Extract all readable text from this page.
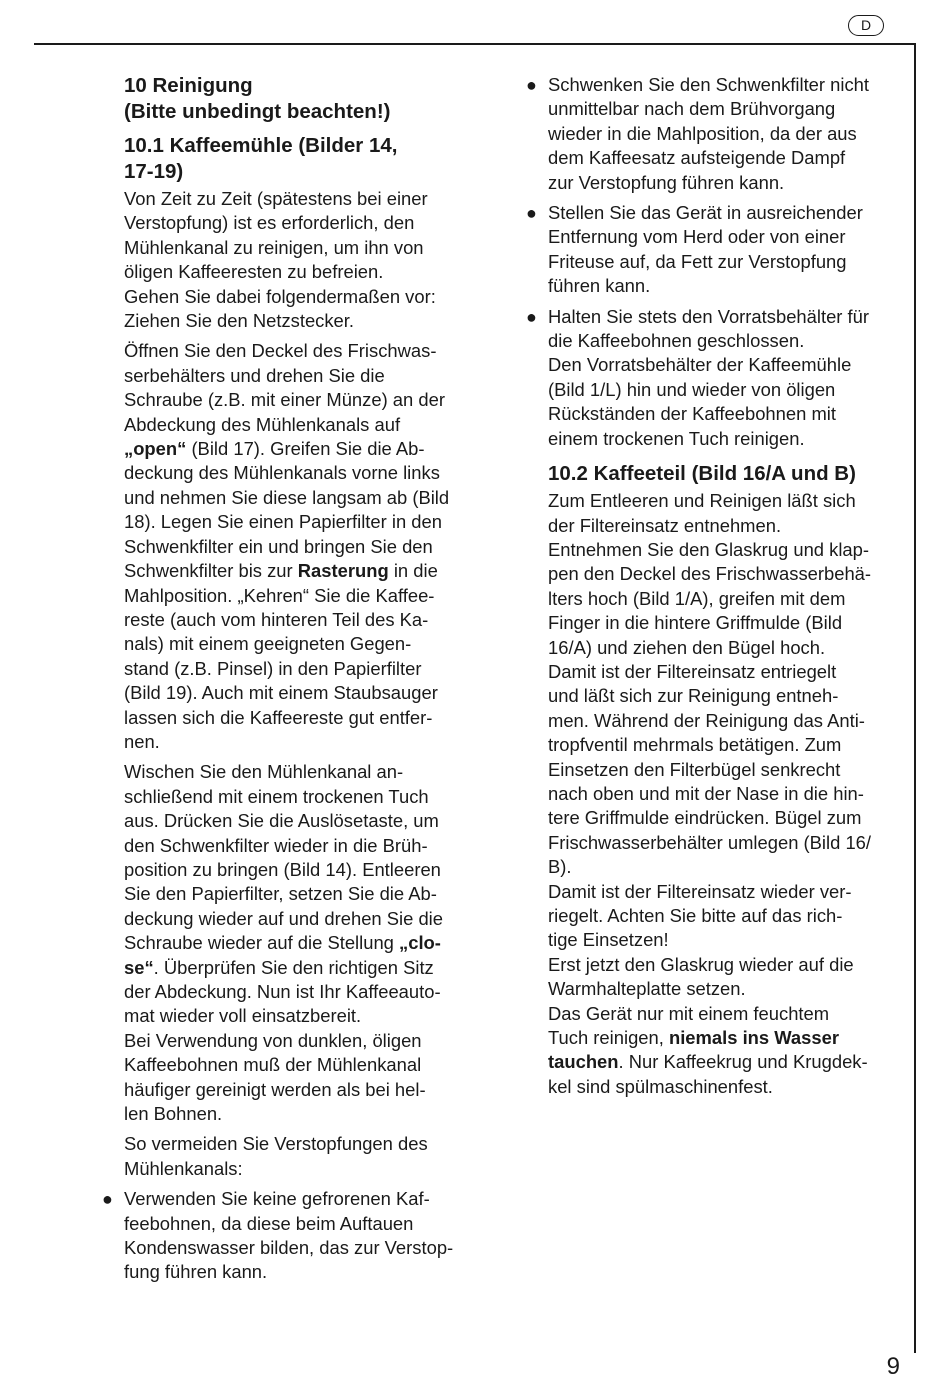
D
10 Reinigung
(Bitte unbedingt beachten!)
10.1 Kaffeemühle (Bilder 14,
17-19)
Von Zeit zu Zeit (spätestens bei einer
Verstopfung) ist es erforderlich, den
Mühlenkanal zu reinigen, um ihn von
öligen Kaffeeresten zu befreien.
Gehen Sie dabei folgendermaßen vor:
Ziehen Sie den Netzstecker.
Öffnen Sie den Deckel des Frischwas-
serbehälters und drehen Sie die
Schraube (z.B. mit einer Münze) an der
Abdeckung des Mühlenkanals auf
„open“ (Bild 17). Greifen Sie die Ab-
deckung des Mühlenkanals vorne links
und nehmen Sie diese langsam ab (Bild
18). Legen Sie einen Papierfilter in den
Schwenkfilter ein und bringen Sie den
Schwenkfilter bis zur Rasterung in die
Mahlposition. „Kehren“ Sie die Kaffee-
reste (auch vom hinteren Teil des Ka-
nals) mit einem geeigneten Gegen-
stand (z.B. Pinsel) in den Papierfilter
(Bild 19). Auch mit einem Staubsauger
lassen sich die Kaffeereste gut entfer-
nen.
Wischen Sie den Mühlenkanal an-
schließend mit einem trockenen Tuch
aus. Drücken Sie die Auslösetaste, um
den Schwenkfilter wieder in die Brüh-
position zu bringen (Bild 14). Entleeren
Sie den Papierfilter, setzen Sie die Ab-
deckung wieder auf und drehen Sie die
Schraube wieder auf die Stellung „clo-
se“. Überprüfen Sie den richtigen Sitz
der Abdeckung. Nun ist Ihr Kaffeeauto-
mat wieder voll einsatzbereit.
Bei Verwendung von dunklen, öligen
Kaffeebohnen muß der Mühlenkanal
häufiger gereinigt werden als bei hel-
len Bohnen.
So vermeiden Sie Verstopfungen des
Mühlenkanals:
● Verwenden Sie keine gefrorenen Kaf-
feebohnen, da diese beim Auftauen
Kondenswasser bilden, das zur Verstop-
fung führen kann.
● Schwenken Sie den Schwenkfilter nicht
unmittelbar nach dem Brühvorgang
wieder in die Mahlposition, da der aus
dem Kaffeesatz aufsteigende Dampf
zur Verstopfung führen kann.
● Stellen Sie das Gerät in ausreichender
Entfernung vom Herd oder von einer
Friteuse auf, da Fett zur Verstopfung
führen kann.
● Halten Sie stets den Vorratsbehälter für
die Kaffeebohnen geschlossen.
Den Vorratsbehälter der Kaffeemühle
(Bild 1/L) hin und wieder von öligen
Rückständen der Kaffeebohnen mit
einem trockenen Tuch reinigen.
10.2 Kaffeeteil (Bild 16/A und B)
Zum Entleeren und Reinigen läßt sich
der Filtereinsatz entnehmen.
Entnehmen Sie den Glaskrug und klap-
pen den Deckel des Frischwasserbehä-
lters hoch (Bild 1/A), greifen mit dem
Finger in die hintere Griffmulde (Bild
16/A) und ziehen den Bügel hoch.
Damit ist der Filtereinsatz entriegelt
und läßt sich zur Reinigung entneh-
men. Während der Reinigung das Anti-
tropfventil mehrmals betätigen. Zum
Einsetzen den Filterbügel senkrecht
nach oben und mit der Nase in die hin-
tere Griffmulde eindrücken. Bügel zum
Frischwasserbehälter umlegen (Bild 16/
B).
Damit ist der Filtereinsatz wieder ver-
riegelt. Achten Sie bitte auf das rich-
tige Einsetzen!
Erst jetzt den Glaskrug wieder auf die
Warmhalteplatte setzen.
Das Gerät nur mit einem feuchtem
Tuch reinigen, niemals ins Wasser
tauchen. Nur Kaffeekrug und Krugdek-
kel sind spülmaschinenfest.
9
